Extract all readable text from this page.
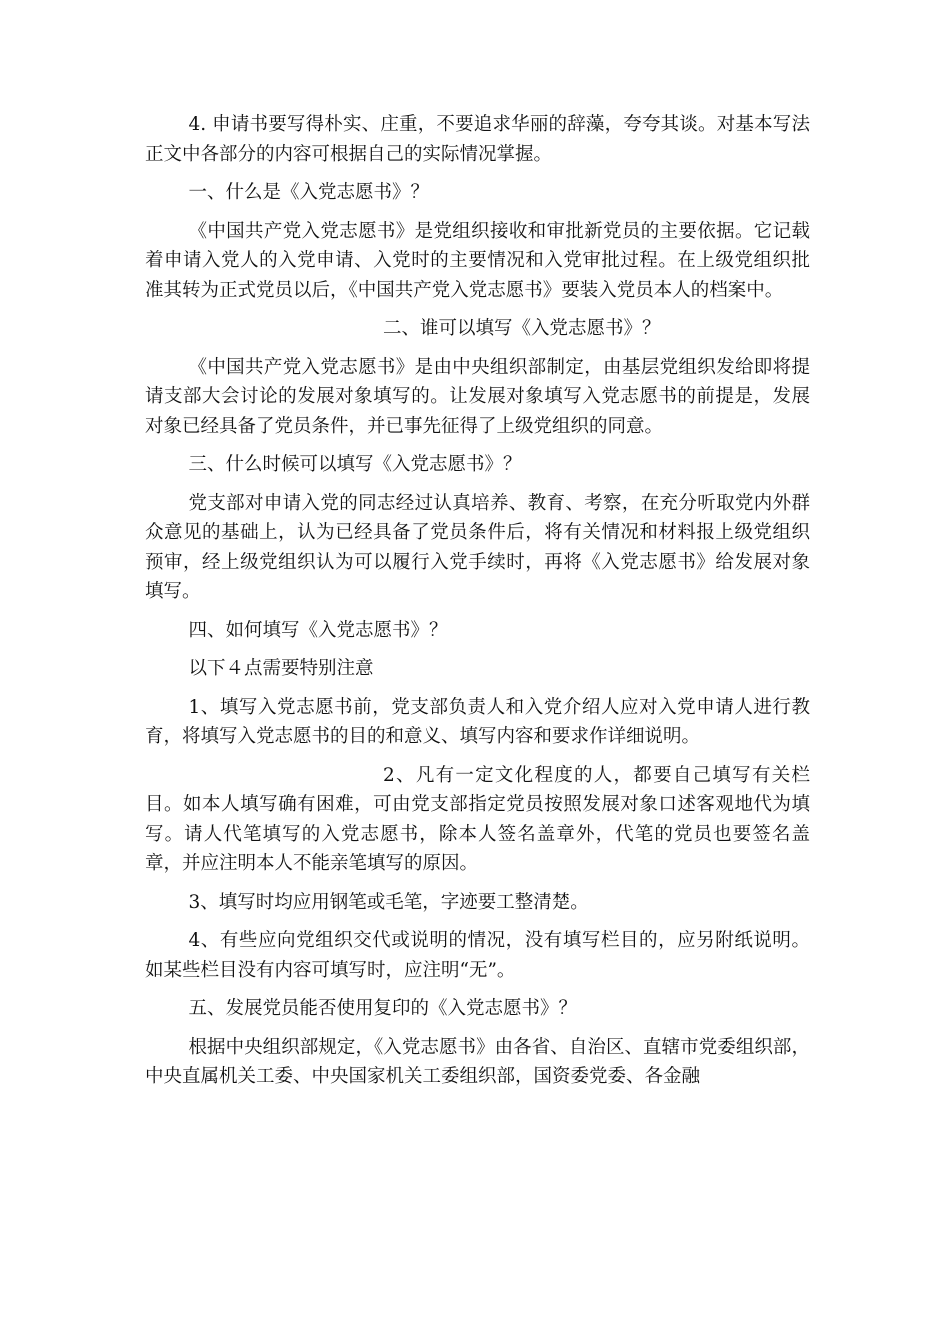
4. 申请书要写得朴实、庄重，不要追求华丽的辞藻，夸夸其谈。对基本写法正文中各部分的内容可根据自己的实际情况掌握。

一、什么是《入党志愿书》？

《中国共产党入党志愿书》是党组织接收和审批新党员的主要依据。它记载着申请入党人的入党申请、入党时的主要情况和入党审批过程。在上级党组织批准其转为正式党员以后，《中国共产党入党志愿书》要装入党员本人的档案中。

二、谁可以填写《入党志愿书》？

《中国共产党入党志愿书》是由中央组织部制定，由基层党组织发给即将提请支部大会讨论的发展对象填写的。让发展对象填写入党志愿书的前提是，发展对象已经具备了党员条件，并已事先征得了上级党组织的同意。

三、什么时候可以填写《入党志愿书》？

党支部对申请入党的同志经过认真培养、教育、考察，在充分听取党内外群众意见的基础上，认为已经具备了党员条件后，将有关情况和材料报上级党组织预审，经上级党组织认为可以履行入党手续时，再将《入党志愿书》给发展对象填写。

四、如何填写《入党志愿书》？

以下４点需要特别注意

1、填写入党志愿书前，党支部负责人和入党介绍人应对入党申请人进行教育，将填写入党志愿书的目的和意义、填写内容和要求作详细说明。

2、凡有一定文化程度的人，都要自己填写有关栏目。如本人填写确有困难，可由党支部指定党员按照发展对象口述客观地代为填写。请人代笔填写的入党志愿书，除本人签名盖章外，代笔的党员也要签名盖章，并应注明本人不能亲笔填写的原因。

3、填写时均应用钢笔或毛笔，字迹要工整清楚。

4、有些应向党组织交代或说明的情况，没有填写栏目的，应另附纸说明。如某些栏目没有内容可填写时，应注明“无”。

五、发展党员能否使用复印的《入党志愿书》？

根据中央组织部规定，《入党志愿书》由各省、自治区、直辖市党委组织部，中央直属机关工委、中央国家机关工委组织部，国资委党委、各金融
